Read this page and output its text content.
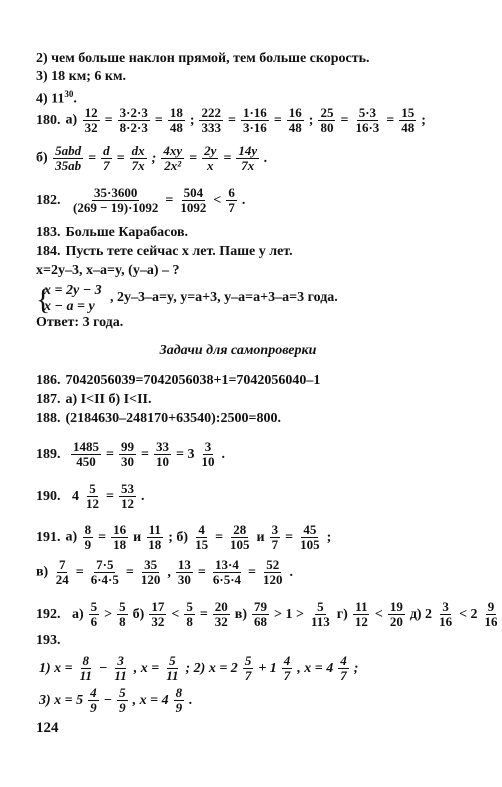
2) чем больше наклон прямой, тем больше скорость.
3) 18 км; 6 км.
4) $11^{30}$.
180. $а) \frac{12}{32} = \frac{3\cdot 2\cdot 3}{8\cdot 2\cdot 3} = \frac{18}{48}$ ; $\frac{222}{333} = \frac{1\cdot 16}{3\cdot 16} = \frac{16}{48}$ ; $\frac{25}{80} = \frac{5\cdot 3}{16\cdot 3} = \frac{15}{48}$ ;
$б) \frac{\text{5abd}}{35ab} = \frac{d}{7} = \frac{dx}{7x}$ ; $\frac{4xy}{\text{2x²}} = \frac{2y}{x} = \frac{14y}{7x}$ .
182. $\frac{35\cdot 3600}{(269 - 19)\cdot 1092} = \frac{504}{1092} < \frac{6}{7}$ .
183. Больше Карабасов.
184. Пусть тете сейчас x лет. Паше y лет.
x=2y–3, x–a=y, (y–a) – ?
{
x = 2y − 3
x − a = y
, 2y–3–a=y, y=a+3, y–a=a+3–a=3 года.
Ответ: 3 года.
Задачи для самопроверки
186. 7042056039=7042056038+1=7042056040–1
187. а) I<II б) I<II.
188. (2184630–248170+63540):2500=800.
189. $\frac{1485}{450} = \frac{99}{30} = \frac{33}{10} = 3 \frac{3}{10}$ .
190. $4 \frac{5}{12} = \frac{53}{12}$ .
191. $а) \frac{8}{9} = \frac{16}{18}$ и $\frac{11}{18}$ ; $б) \frac{4}{15} = \frac{28}{105}$ и $\frac{3}{7} = \frac{45}{105}$ ;
$в) \frac{7}{24} = \frac{7\cdot 5}{6\cdot 4\cdot 5} = \frac{35}{120}$ , $\frac{13}{30} = \frac{13\cdot 4}{6\cdot 5\cdot 4} = \frac{52}{120}$ .
192. $а) \frac{5}{6} > \frac{5}{8} б) \frac{17}{32} < \frac{5}{8} = \frac{20}{32} в) \frac{79}{68} > 1 > \frac{5}{113} г) \frac{11}{12} < \frac{19}{20} д$) $2 \frac{3}{16} < 2 \frac{9}{16}$
193.
1) $x = \frac{8}{11} - \frac{3}{11}$ , $x = \frac{5}{11}$ ; 2) $x = 2 \frac{5}{7} + 1 \frac{4}{7}$ , $x = 4 \frac{4}{7}$ ;
3) $x = 5 \frac{4}{9} - \frac{5}{9}$ , $x = 4 \frac{8}{9}$ .
124
